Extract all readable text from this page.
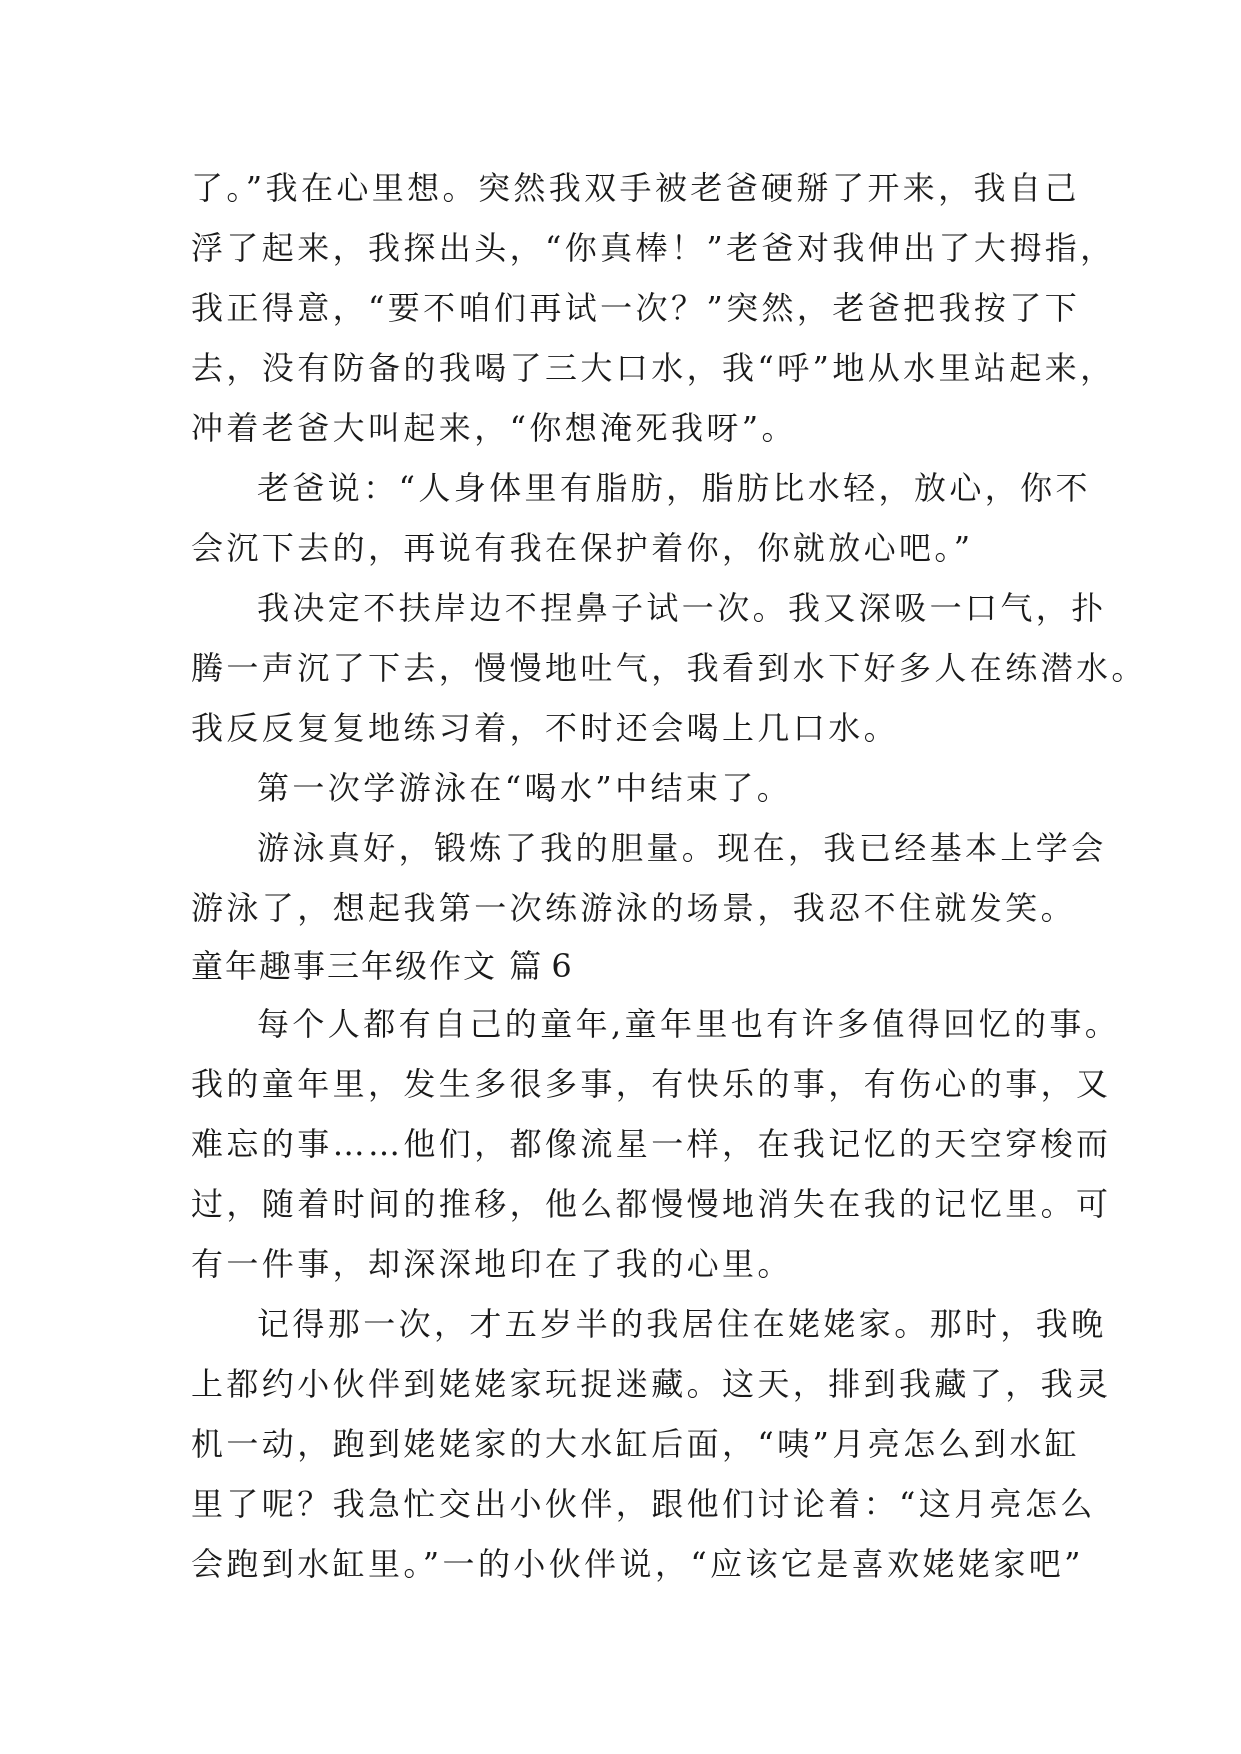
了。”我在心里想。突然我双手被老爸硬掰了开来，我自己
浮了起来，我探出头，“你真棒！”老爸对我伸出了大拇指，
我正得意，“要不咱们再试一次？”突然，老爸把我按了下
去，没有防备的我喝了三大口水，我“呼”地从水里站起来，
冲着老爸大叫起来，“你想淹死我呀”。
老爸说：“人身体里有脂肪，脂肪比水轻，放心，你不
会沉下去的，再说有我在保护着你，你就放心吧。”
我决定不扶岸边不捏鼻子试一次。我又深吸一口气，扑
腾一声沉了下去，慢慢地吐气，我看到水下好多人在练潜水。
我反反复复地练习着，不时还会喝上几口水。
第一次学游泳在“喝水”中结束了。
游泳真好，锻炼了我的胆量。现在，我已经基本上学会
游泳了，想起我第一次练游泳的场景，我忍不住就发笑。
童年趣事三年级作文 篇 6
每个人都有自己的童年,童年里也有许多值得回忆的事。
我的童年里，发生多很多事，有快乐的事，有伤心的事，又
难忘的事……他们，都像流星一样，在我记忆的天空穿梭而
过，随着时间的推移，他么都慢慢地消失在我的记忆里。可
有一件事，却深深地印在了我的心里。
记得那一次，才五岁半的我居住在姥姥家。那时，我晚
上都约小伙伴到姥姥家玩捉迷藏。这天，排到我藏了，我灵
机一动，跑到姥姥家的大水缸后面，“咦”月亮怎么到水缸
里了呢？我急忙交出小伙伴，跟他们讨论着：“这月亮怎么
会跑到水缸里。”一的小伙伴说，“应该它是喜欢姥姥家吧”
